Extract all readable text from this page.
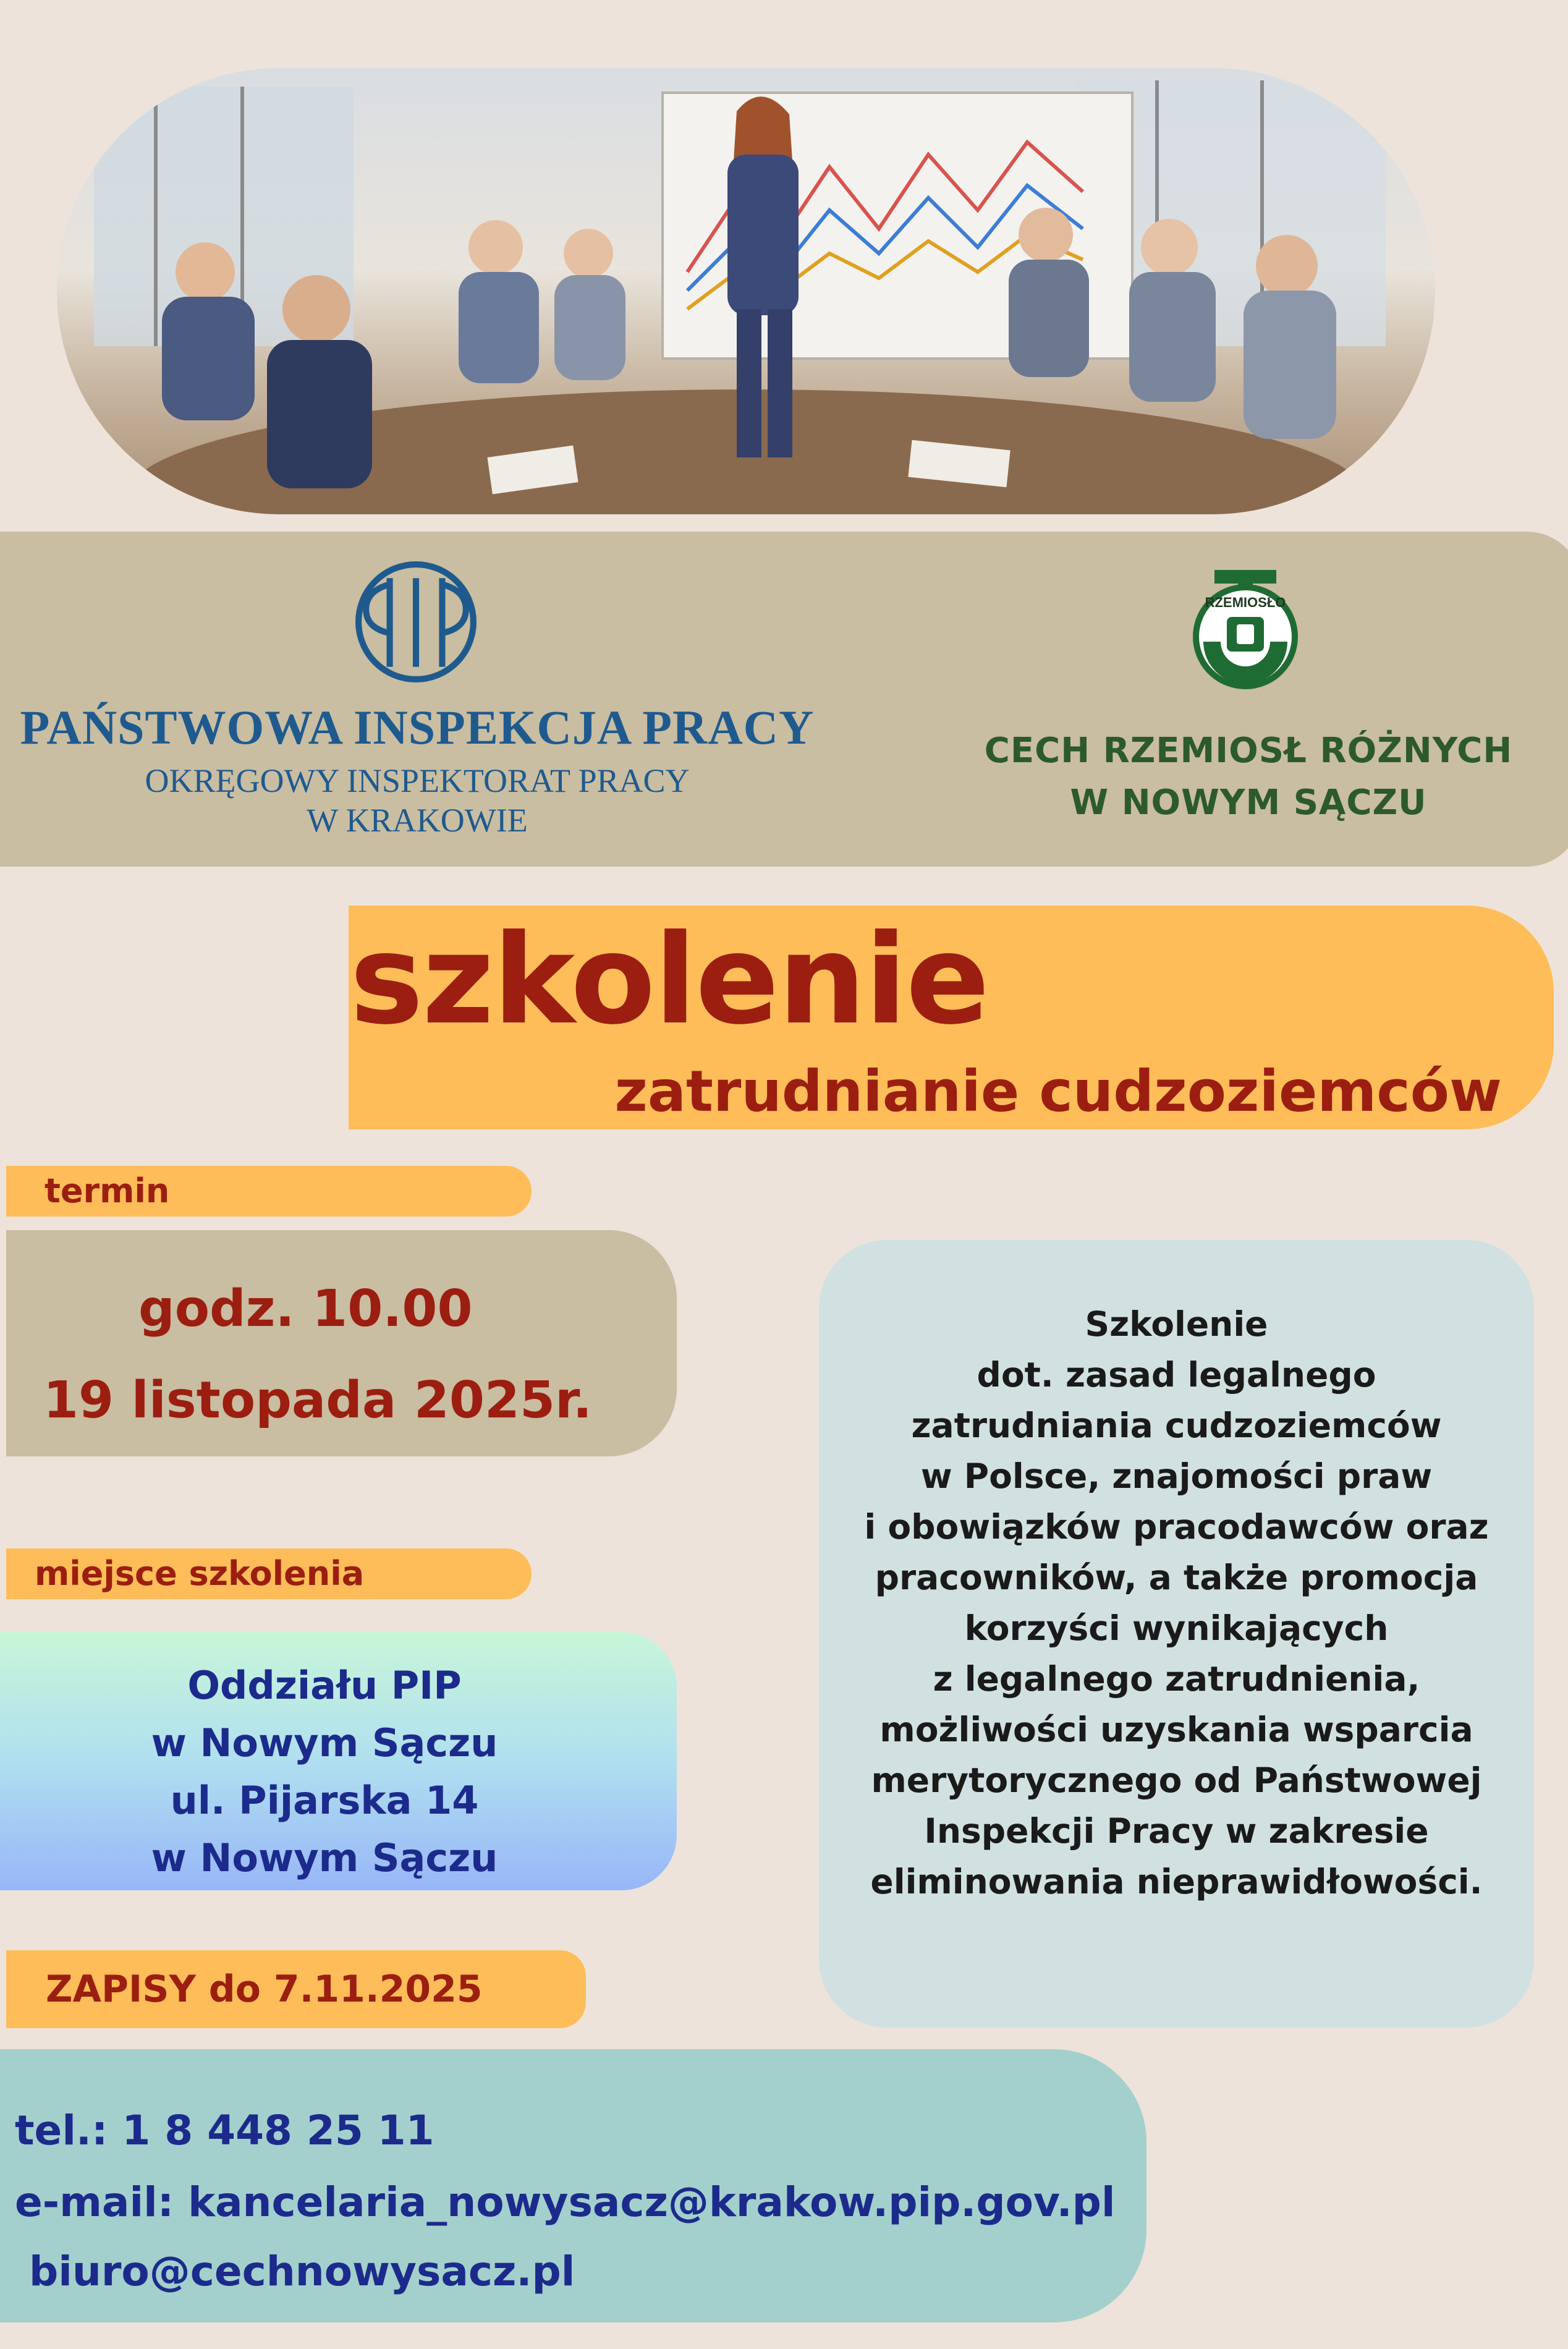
PAŃSTWOWA INSPEKCJA PRACY
OKRĘGOWY INSPEKTORAT PRACY
W KRAKOWIE
RZEMIOSŁO
CECH RZEMIOSŁ RÓŻNYCH
W NOWYM SĄCZU
szkolenie
zatrudnianie cudzoziemców
termin
godz. 10.00
19 listopada 2025r.
miejsce szkolenia
Oddziału PIP
w Nowym Sączu
ul. Pijarska 14
w Nowym Sączu
Szkolenie
dot. zasad legalnego
zatrudniania cudzoziemców
w Polsce, znajomości praw
i obowiązków pracodawców oraz
pracowników, a także promocja
korzyści wynikających
z legalnego zatrudnienia,
możliwości uzyskania wsparcia
merytorycznego od Państwowej
Inspekcji Pracy w zakresie
eliminowania nieprawidłowości.
ZAPISY do 7.11.2025
tel.: 1 8 448 25 11
e-mail: kancelaria_nowysacz@krakow.pip.gov.pl
biuro@cechnowysacz.pl
